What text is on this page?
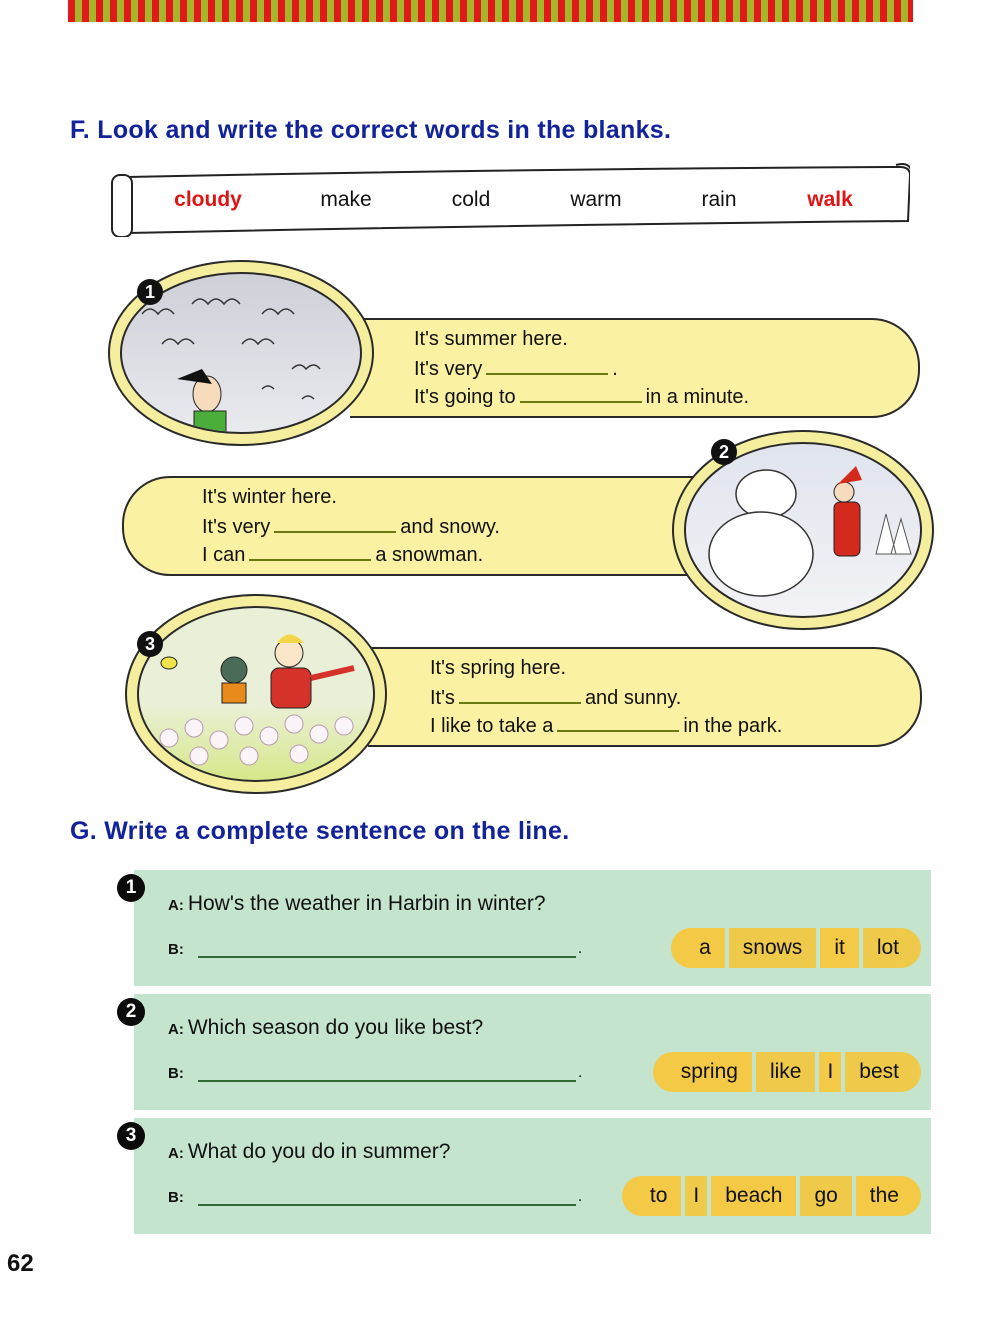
F. Look and write the correct words in the blanks.
cloudy	make	cold	warm	rain	walk
It's summer here.
It's very	.
It's going to	in a minute.
1
It's winter here.
It's very	and snowy.
I can	a snowman.
2
It's spring here.
It's	and sunny.
I like to take a	in the park.
3
G. Write a complete sentence on the line.
1
A: How's the weather in Harbin in winter?
B:	.	a	snows	it	lot
2
A: Which season do you like best?
B:	.	spring	like	I	best
3
A: What do you do in summer?
B:	.	to	I	beach	go	the
62
